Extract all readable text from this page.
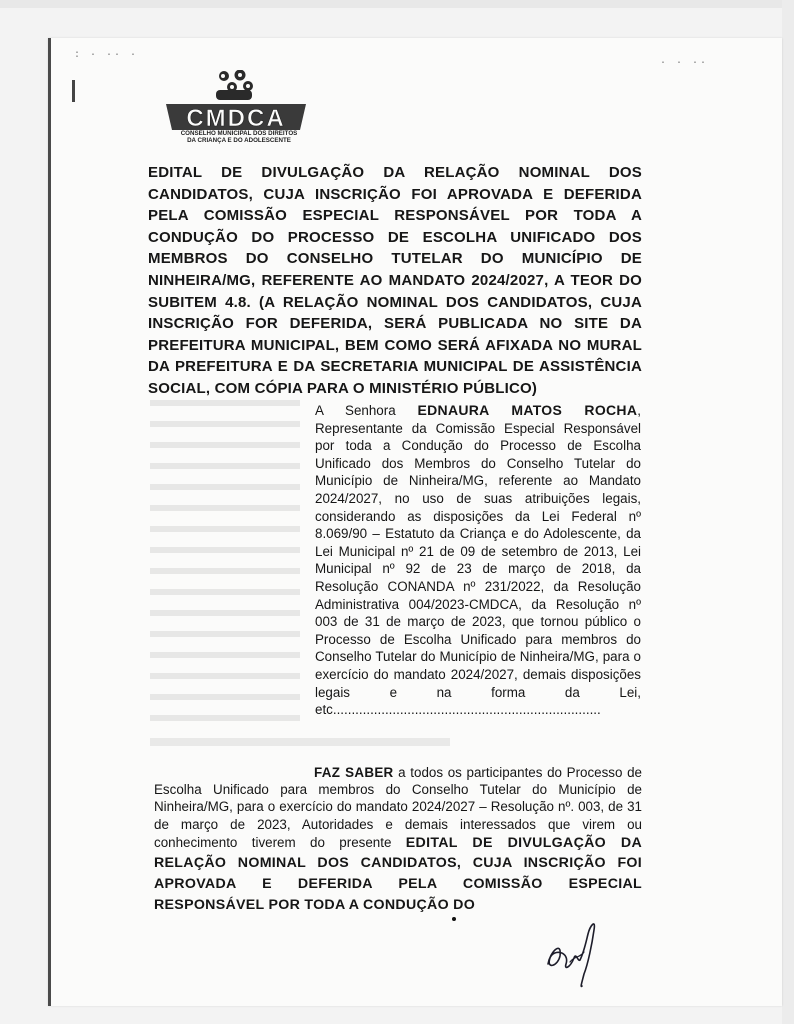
: · ·· ·
· · ··
CMDCA
CONSELHO MUNICIPAL DOS DIREITOS
DA CRIANÇA E DO ADOLESCENTE
EDITAL DE DIVULGAÇÃO DA RELAÇÃO NOMINAL DOS CANDIDATOS, CUJA INSCRIÇÃO FOI APROVADA E DEFERIDA PELA COMISSÃO ESPECIAL RESPONSÁVEL POR TODA A CONDUÇÃO DO PROCESSO DE ESCOLHA UNIFICADO DOS MEMBROS DO CONSELHO TUTELAR DO MUNICÍPIO DE NINHEIRA/MG, REFERENTE AO MANDATO 2024/2027, A TEOR DO SUBITEM 4.8. (A RELAÇÃO NOMINAL DOS CANDIDATOS, CUJA INSCRIÇÃO FOR DEFERIDA, SERÁ PUBLICADA NO SITE DA PREFEITURA MUNICIPAL, BEM COMO SERÁ AFIXADA NO MURAL DA PREFEITURA E DA SECRETARIA MUNICIPAL DE ASSISTÊNCIA SOCIAL, COM CÓPIA PARA O MINISTÉRIO PÚBLICO)
A Senhora EDNAURA MATOS ROCHA, Representante da Comissão Especial Responsável por toda a Condução do Processo de Escolha Unificado dos Membros do Conselho Tutelar do Município de Ninheira/MG, referente ao Mandato 2024/2027, no uso de suas atribuições legais, considerando as disposições da Lei Federal nº 8.069/90 – Estatuto da Criança e do Adolescente, da Lei Municipal nº 21 de 09 de setembro de 2013, Lei Municipal nº 92 de 23 de março de 2018, da Resolução CONANDA nº 231/2022, da Resolução Administrativa 004/2023-CMDCA, da Resolução nº 003 de 31 de março de 2023, que tornou público o Processo de Escolha Unificado para membros do Conselho Tutelar do Município de Ninheira/MG, para o exercício do mandato 2024/2027, demais disposições legais e na forma da Lei, etc........................................................................
FAZ SABER a todos os participantes do Processo de Escolha Unificado para membros do Conselho Tutelar do Município de Ninheira/MG, para o exercício do mandato 2024/2027 – Resolução nº. 003, de 31 de março de 2023, Autoridades e demais interessados que virem ou conhecimento tiverem do presente EDITAL DE DIVULGAÇÃO DA RELAÇÃO NOMINAL DOS CANDIDATOS, CUJA INSCRIÇÃO FOI APROVADA E DEFERIDA PELA COMISSÃO ESPECIAL RESPONSÁVEL POR TODA A CONDUÇÃO DO
